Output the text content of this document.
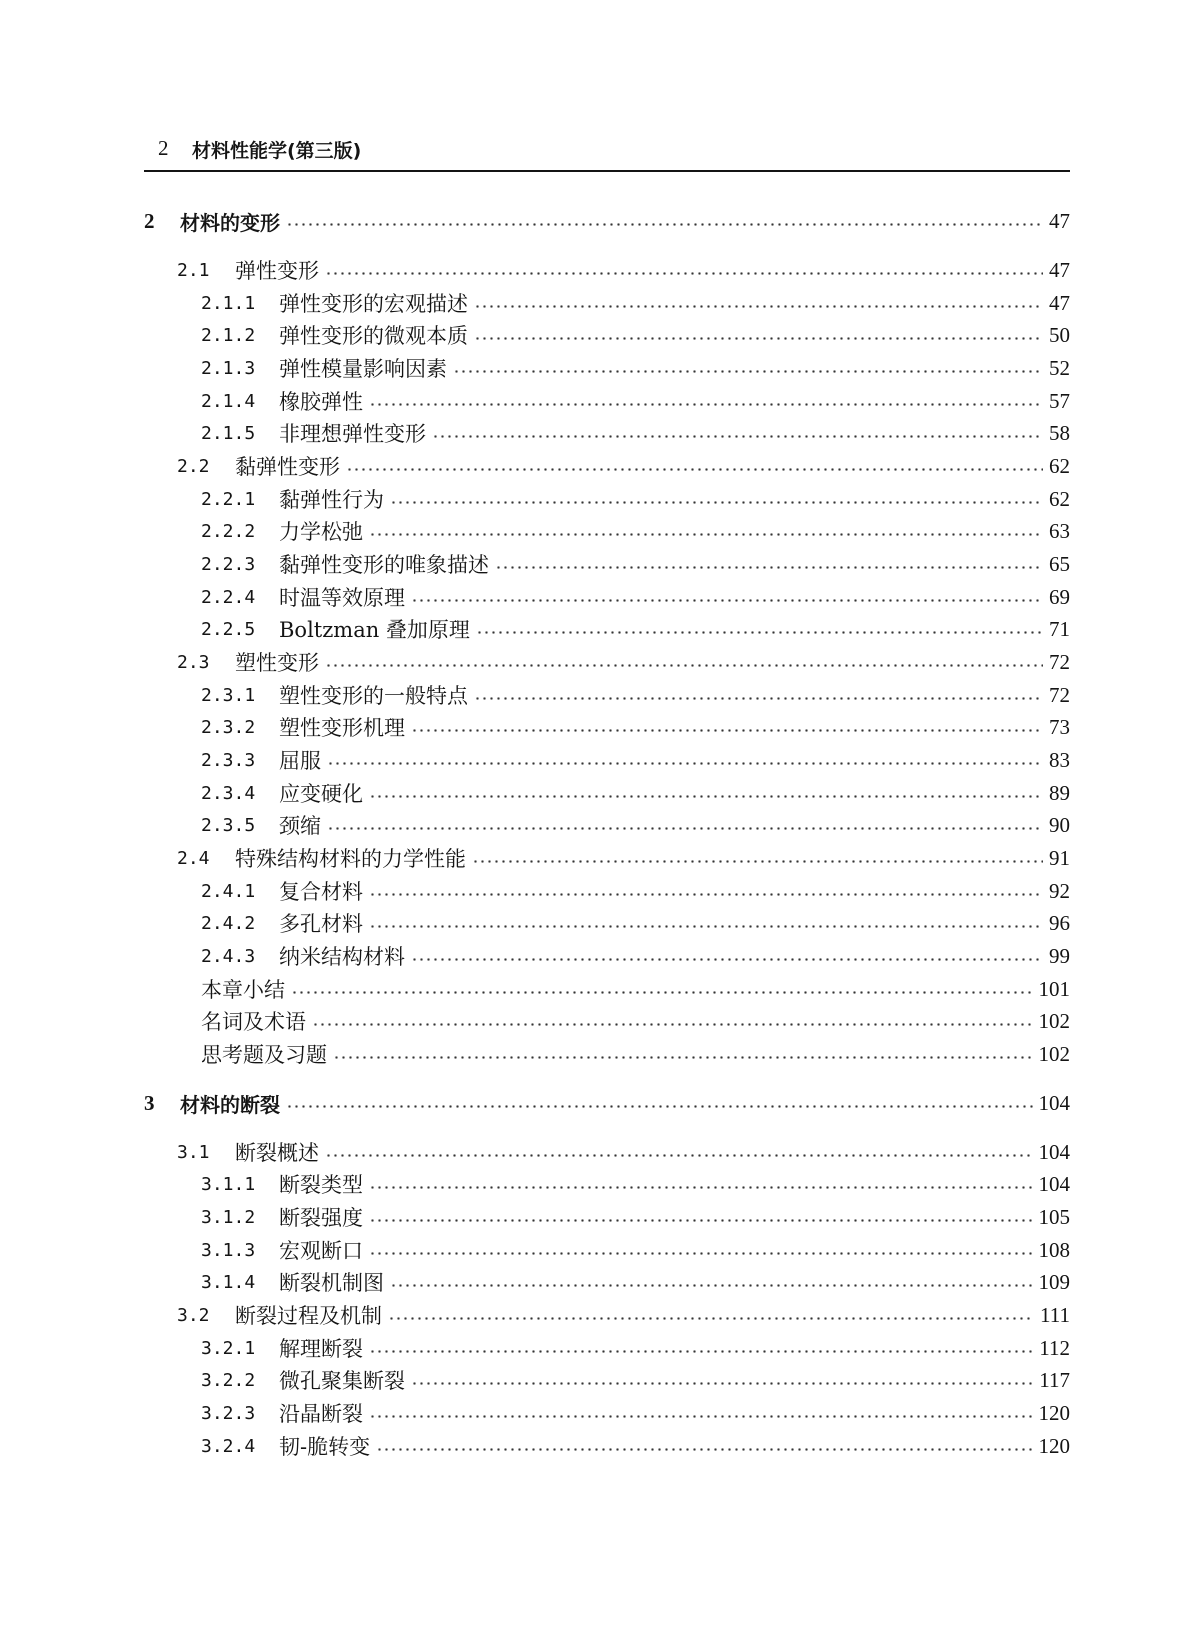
2 材料性能学(第三版)
2	材料的变形	47
2.1	弹性变形	47
2.1.1	弹性变形的宏观描述	47
2.1.2	弹性变形的微观本质	50
2.1.3	弹性模量影响因素	52
2.1.4	橡胶弹性	57
2.1.5	非理想弹性变形	58
2.2	黏弹性变形	62
2.2.1	黏弹性行为	62
2.2.2	力学松弛	63
2.2.3	黏弹性变形的唯象描述	65
2.2.4	时温等效原理	69
2.2.5	Boltzman 叠加原理	71
2.3	塑性变形	72
2.3.1	塑性变形的一般特点	72
2.3.2	塑性变形机理	73
2.3.3	屈服	83
2.3.4	应变硬化	89
2.3.5	颈缩	90
2.4	特殊结构材料的力学性能	91
2.4.1	复合材料	92
2.4.2	多孔材料	96
2.4.3	纳米结构材料	99
本章小结	101
名词及术语	102
思考题及习题	102
3	材料的断裂	104
3.1	断裂概述	104
3.1.1	断裂类型	104
3.1.2	断裂强度	105
3.1.3	宏观断口	108
3.1.4	断裂机制图	109
3.2	断裂过程及机制	111
3.2.1	解理断裂	112
3.2.2	微孔聚集断裂	117
3.2.3	沿晶断裂	120
3.2.4	韧-脆转变	120
